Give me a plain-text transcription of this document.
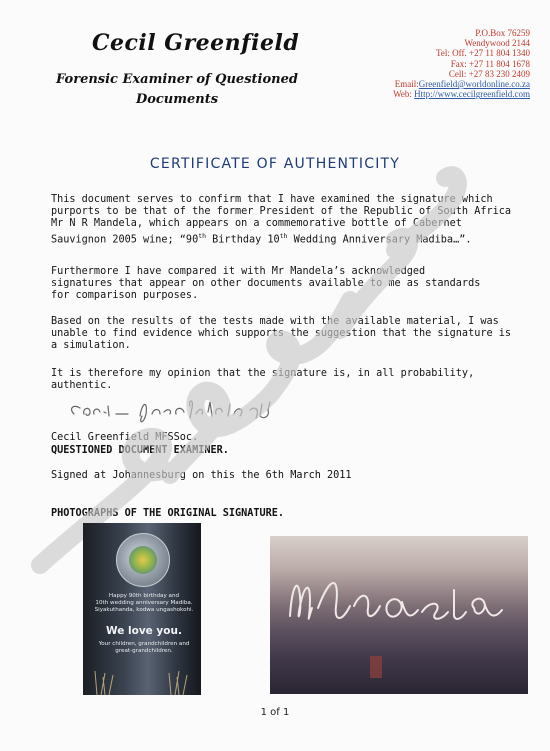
Cecil Greenfield
Forensic Examiner of Questioned
Documents
P.O.Box 76259
Wendywood 2144
Tel: Off. +27 11 804 1340
Fax: +27 11 804 1678
Cell: +27 83 230 2409
Email:Greenfield@worldonline.co.za
Web: Http://www.cecilgreenfield.com
CERTIFICATE OF AUTHENTICITY
This document serves to confirm that I have examined the signature which
purports to be that of the former President of the Republic of South Africa
Mr N R Mandela, which appears on a commemorative bottle of Cabernet
Sauvignon 2005 wine; “90th Birthday 10th Wedding Anniversary Madiba…”.
Furthermore I have compared it with Mr Mandela’s acknowledged
signatures that appear on other documents available to me as standards
for comparison purposes.
Based on the results of the tests made with the available material, I was
unable to find evidence which supports the suggestion that the signature is
a simulation.
It is therefore my opinion that the signature is, in all probability,
authentic.
Cecil Greenfield MFSSoc.
QUESTIONED DOCUMENT EXAMINER.
Signed at Johannesburg on this the 6th March 2011
PHOTOGRAPHS OF THE ORIGINAL SIGNATURE.
Happy 90th birthday and
10th wedding anniversary Madiba.
Siyakuthanda, kodwa ungashokohi.
We love you.
Your children, grandchildren and
great-grandchildren.
1 of 1
